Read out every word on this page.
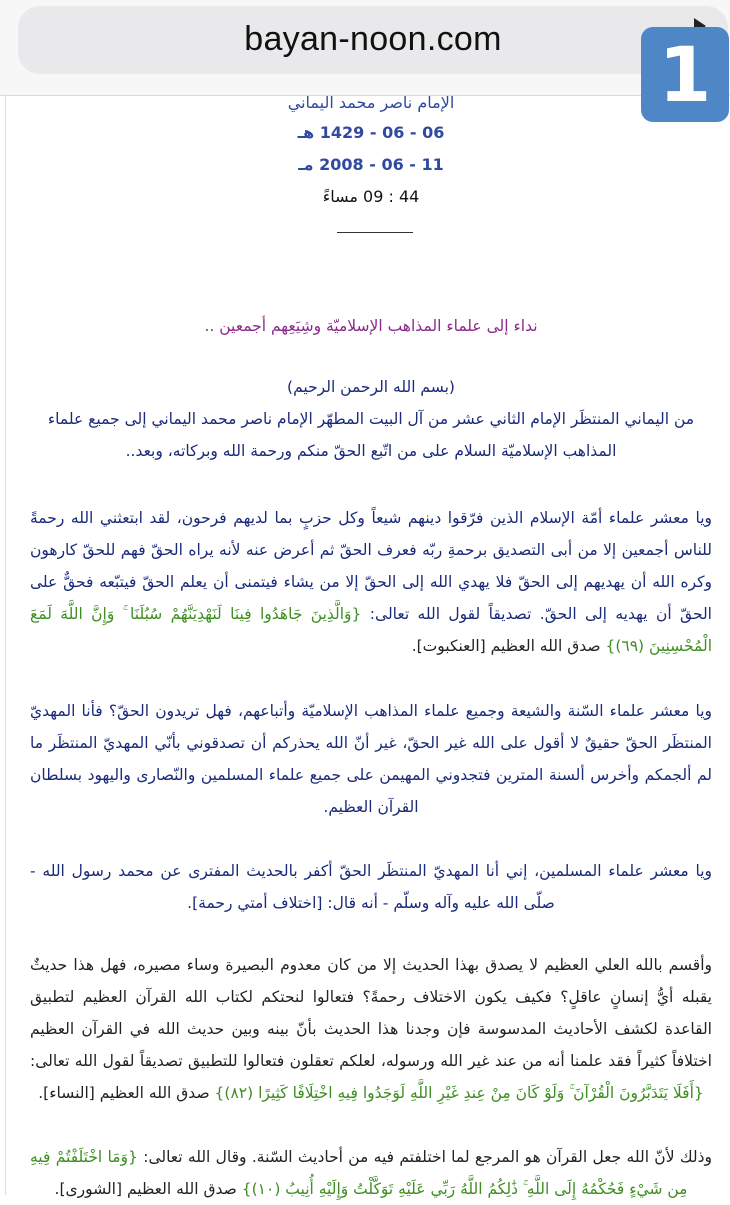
bayan-noon.com	1
الإمام ناصر محمد اليماني
06 - 06 - 1429 هـ
11 - 06 - 2008 مـ
44 : 09 مساءً
نداء إلى علماء المذاهب الإسلاميّة وشِيَعِهم أجمعين ..
(بسم الله الرحمن الرحيم)
من اليماني المنتظَر الإمام الثاني عشر من آل البيت المطهّر الإمام ناصر محمد اليماني إلى جميع علماء
المذاهب الإسلاميّة السلام على من اتّبع الحقّ منكم ورحمة الله وبركاته، وبعد..
ويا معشر علماء أمّة الإسلام الذين فرّقوا دينهم شيعاً وكل حزبٍ بما لديهم فرحون، لقد ابتعثني الله رحمةً للناس أجمعين إلا من أبى التصديق برحمةِ ربّه فعرف الحقّ ثم أعرض عنه لأنه يراه الحقّ فهم للحقّ كارهون وكره الله أن يهديهم إلى الحقّ فلا يهدي الله إلى الحقّ إلا من يشاء فيتمنى أن يعلم الحقّ فيتبّعه فحقٌّ على الحقّ أن يهديه إلى الحقّ. تصديقاً لقول الله تعالى: {وَالَّذِينَ جَاهَدُوا فِينَا لَنَهْدِيَنَّهُمْ سُبُلَنَا ۚ وَإِنَّ اللَّهَ لَمَعَ الْمُحْسِنِينَ (٦٩)} صدق الله العظيم [العنكبوت].
ويا معشر علماء السّنة والشيعة وجميع علماء المذاهب الإسلاميّة وأتباعهم، فهل تريدون الحقّ؟ فأنا المهديّ المنتظَر الحقّ حقيقٌ لا أقول على الله غير الحقّ، غير أنّ الله يحذركم أن تصدقوني بأنّي المهديّ المنتظَر ما لم ألجمكم وأخرس ألسنة المترين فتجدوني المهيمن على جميع علماء المسلمين والنّصارى واليهود بسلطان القرآن العظيم.
ويا معشر علماء المسلمين، إني أنا المهديّ المنتظَر الحقّ أكفر بالحديث المفترى عن محمد رسول الله - صلّى الله عليه وآله وسلّم - أنه قال: [اختلاف أمتي رحمة].
وأقسم بالله العلي العظيم لا يصدق بهذا الحديث إلا من كان معدوم البصيرة وساء مصيره، فهل هذا حديثٌ يقبله أيُّ إنسانٍ عاقلٍ؟ فكيف يكون الاختلاف رحمةً؟ فتعالوا لنحتكم لكتاب الله القرآن العظيم لتطبيق القاعدة لكشف الأحاديث المدسوسة فإن وجدنا هذا الحديث بأنّ بينه وبين حديث الله في القرآن العظيم اختلافاً كثيراً فقد علمنا أنه من عند غير الله ورسوله، لعلكم تعقلون فتعالوا للتطبيق تصديقاً لقول الله تعالى: {أَفَلَا يَتَدَبَّرُونَ الْقُرْآنَ ۚ وَلَوْ كَانَ مِنْ عِندِ غَيْرِ اللَّهِ لَوَجَدُوا فِيهِ اخْتِلَافًا كَثِيرًا (٨٢)} صدق الله العظيم [النساء].
وذلك لأنّ الله جعل القرآن هو المرجع لما اختلفتم فيه من أحاديث السّنة. وقال الله تعالى: {وَمَا اخْتَلَفْتُمْ فِيهِ مِن شَيْءٍ فَحُكْمُهُ إِلَى اللَّهِ ۚ ذَٰلِكُمُ اللَّهُ رَبِّي عَلَيْهِ تَوَكَّلْتُ وَإِلَيْهِ أُنِيبُ (١٠)} صدق الله العظيم [الشورى].
